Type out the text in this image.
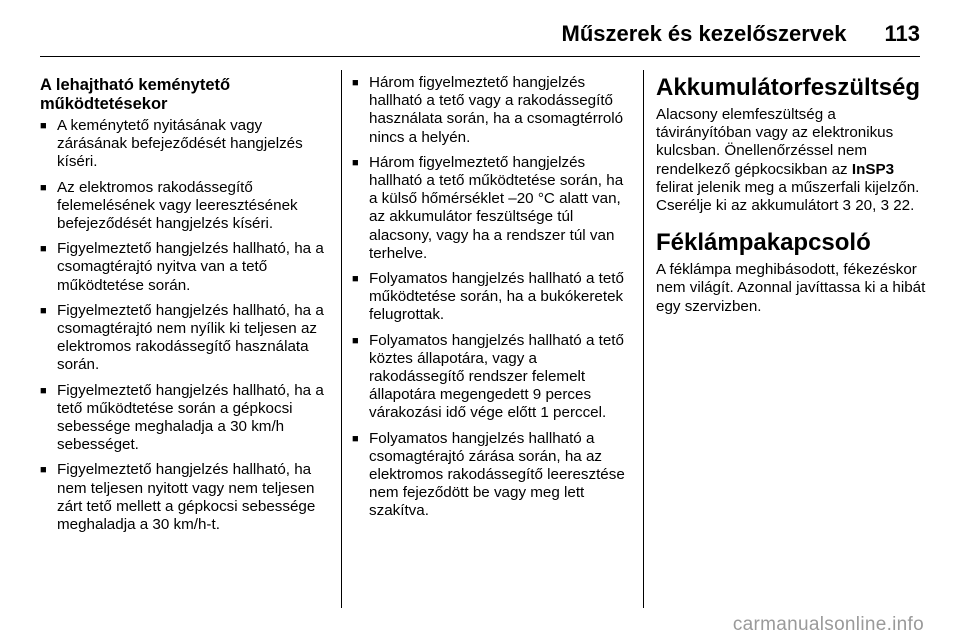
Műszerek és kezelőszervek 113
A lehajtható keménytető működtetésekor
■ A keménytető nyitásának vagy zárásának befejeződését hangjelzés kíséri.
■ Az elektromos rakodássegítő felemelésének vagy leeresztésének befejeződését hangjelzés kíséri.
■ Figyelmeztető hangjelzés hallható, ha a csomagtérajtó nyitva van a tető működtetése során.
■ Figyelmeztető hangjelzés hallható, ha a csomagtérajtó nem nyílik ki teljesen az elektromos rakodássegítő használata során.
■ Figyelmeztető hangjelzés hallható, ha a tető működtetése során a gépkocsi sebessége meghaladja a 30 km/h sebességet.
■ Figyelmeztető hangjelzés hallható, ha nem teljesen nyitott vagy nem teljesen zárt tető mellett a gépkocsi sebessége meghaladja a 30 km/h-t.
■ Három figyelmeztető hangjelzés hallható a tető vagy a rakodássegítő használata során, ha a csomagtérroló nincs a helyén.
■ Három figyelmeztető hangjelzés hallható a tető működtetése során, ha a külső hőmérséklet –20 °C alatt van, az akkumulátor feszültsége túl alacsony, vagy ha a rendszer túl van terhelve.
■ Folyamatos hangjelzés hallható a tető működtetése során, ha a bukókeretek felugrottak.
■ Folyamatos hangjelzés hallható a tető köztes állapotára, vagy a rakodássegítő rendszer felemelt állapotára megengedett 9 perces várakozási idő vége előtt 1 perccel.
■ Folyamatos hangjelzés hallható a csomagtérajtó zárása során, ha az elektromos rakodássegítő leeresztése nem fejeződött be vagy meg lett szakítva.
Akkumulátorfeszültség

Alacsony elemfeszültség a távirányítóban vagy az elektronikus kulcsban. Önellenőrzéssel nem rendelkező gépkocsikban az InSP3 felirat jelenik meg a műszerfali kijelzőn. Cserélje ki az akkumulátort 3 20, 3 22.

Féklámpakapcsoló

A féklámpa meghibásodott, fékezéskor nem világít. Azonnal javíttassa ki a hibát egy szervizben.

carmanualsonline.info
